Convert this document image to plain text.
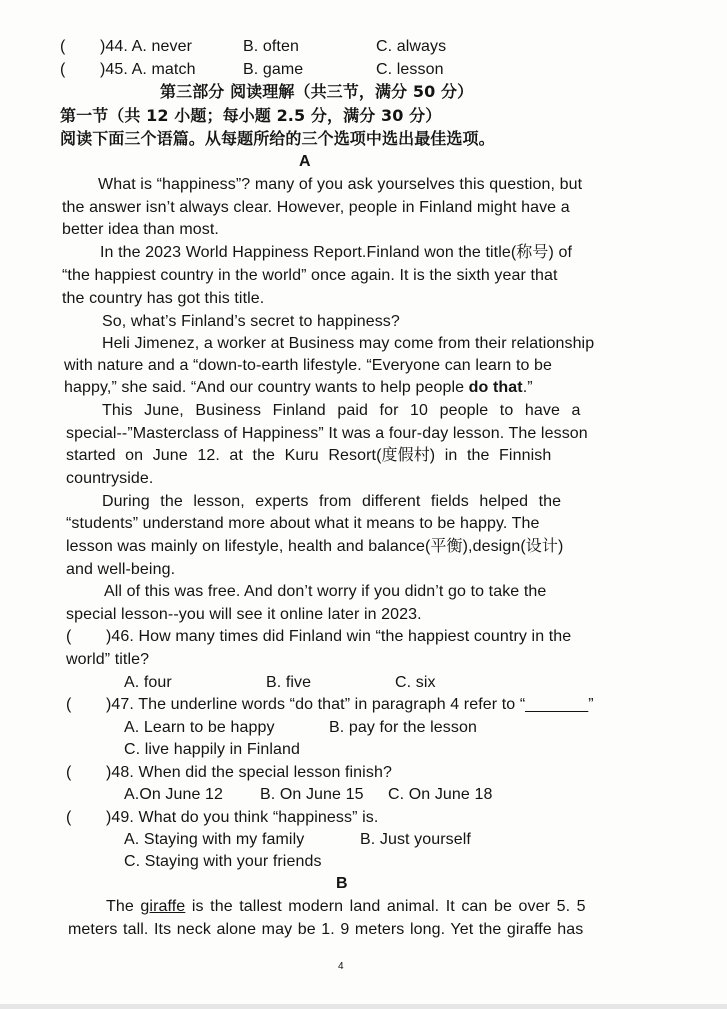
( )44. A. never	B. often	C. always
( )45. A. match	B. game	C. lesson
第三部分 阅读理解（共三节，满分 50 分）
第一节（共 12 小题；每小题 2.5 分，满分 30 分）
阅读下面三个语篇。从每题所给的三个选项中选出最佳选项。
A
What is “happiness”? many of you ask yourselves this question, but
the answer isn’t always clear. However, people in Finland might have a
better idea than most.
In the 2023 World Happiness Report.Finland won the title(称号) of
“the happiest country in the world” once again. It is the sixth year that
the country has got this title.
So, what’s Finland’s secret to happiness?
Heli Jimenez, a worker at Business may come from their relationship
with nature and a “down-to-earth lifestyle. “Everyone can learn to be
happy,” she said. “And our country wants to help people do that.”
This June, Business Finland paid for 10 people to have a
special--”Masterclass of Happiness” It was a four-day lesson. The lesson
started on June 12. at the Kuru Resort(度假村) in the Finnish
countryside.
During the lesson, experts from different fields helped the
“students” understand more about what it means to be happy. The
lesson was mainly on lifestyle, health and balance(平衡),design(设计)
and well-being.
All of this was free. And don’t worry if you didn’t go to take the
special lesson--you will see it online later in 2023.
( )46. How many times did Finland win “the happiest country in the
world” title?
A. four	B. five	C. six
( )47. The underline words “do that” in paragraph 4 refer to “_______”
A. Learn to be happy	B. pay for the lesson
C. live happily in Finland
( )48. When did the special lesson finish?
A.On June 12 B. On June 15 C. On June 18
( )49. What do you think “happiness” is.
A. Staying with my family	B. Just yourself
C. Staying with your friends
B
The giraffe is the tallest modern land animal. It can be over 5. 5
meters tall. Its neck alone may be 1. 9 meters long. Yet the giraffe has
4
